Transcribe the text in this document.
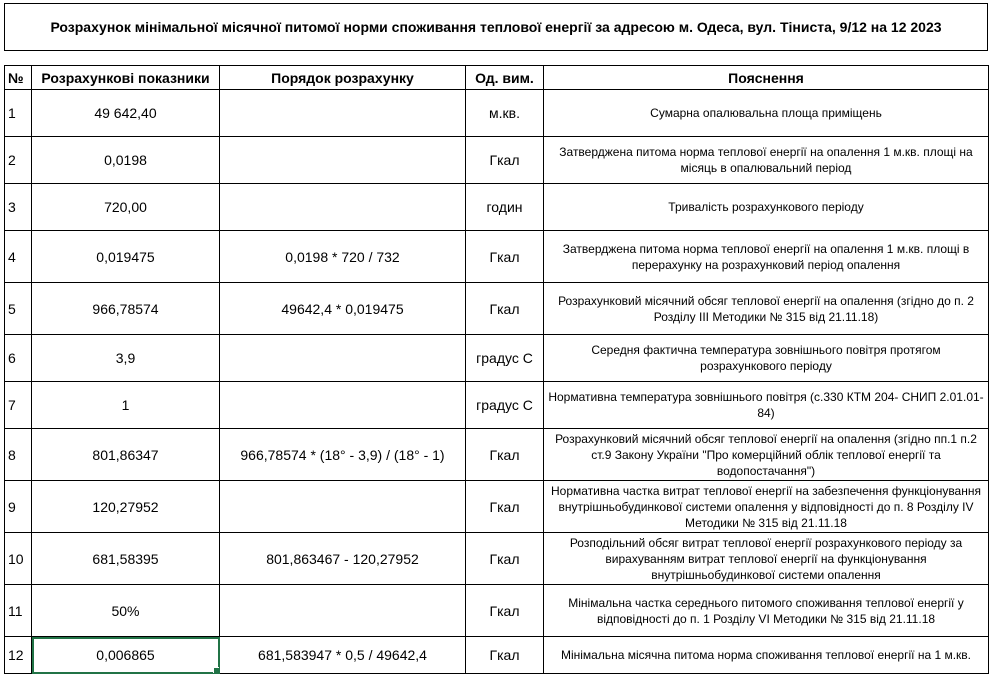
Розрахунок мінімальної місячної питомої норми споживання теплової енергії за адресою м. Одеса, вул. Тіниста, 9/12 на 12 2023
№	Розрахункові показники	Порядок розрахунку	Од. вим.	Пояснення
1	49 642,40		м.кв.	Сумарна опалювальна площа приміщень
2	0,0198		Гкал	Затверджена питома норма теплової енергії на опалення 1 м.кв. площі на місяць в опалювальний період
3	720,00		годин	Тривалість розрахункового періоду
4	0,019475	0,0198 * 720 / 732	Гкал	Затверджена питома норма теплової енергії на опалення 1 м.кв. площі в перерахунку на розрахунковий період опалення
5	966,78574	49642,4 * 0,019475	Гкал	Розрахунковий місячний обсяг теплової енергії на опалення (згідно до п. 2 Розділу ІІІ Методики № 315 від 21.11.18)
6	3,9		градус С	Середня фактична температура зовнішнього повітря протягом розрахункового періоду
7	1		градус С	Нормативна температура зовнішнього повітря (с.330 КТМ 204- СНИП 2.01.01-84)
8	801,86347	966,78574 * (18° - 3,9) / (18° - 1)	Гкал	Розрахунковий місячний обсяг теплової енергії на опалення (згідно пп.1 п.2 ст.9 Закону України "Про комерційний облік теплової енергії та водопостачання")
9	120,27952		Гкал	Нормативна частка витрат теплової енергії на забезпечення функціонування внутрішньобудинкової системи опалення у відповідності до п. 8 Розділу ІV Методики № 315 від 21.11.18
10	681,58395	801,863467 - 120,27952	Гкал	Розподільний обсяг витрат теплової енергії розрахункового періоду за вирахуванням витрат теплової енергії на функціонування внутрішньобудинкової системи опалення
11	50%		Гкал	Мінімальна частка середнього питомого споживання теплової енергії у відповідності до п. 1 Розділу VІ Методики № 315 від 21.11.18
12	0,006865	681,583947 * 0,5 / 49642,4	Гкал	Мінімальна місячна питома норма споживання теплової енергії на 1 м.кв.
